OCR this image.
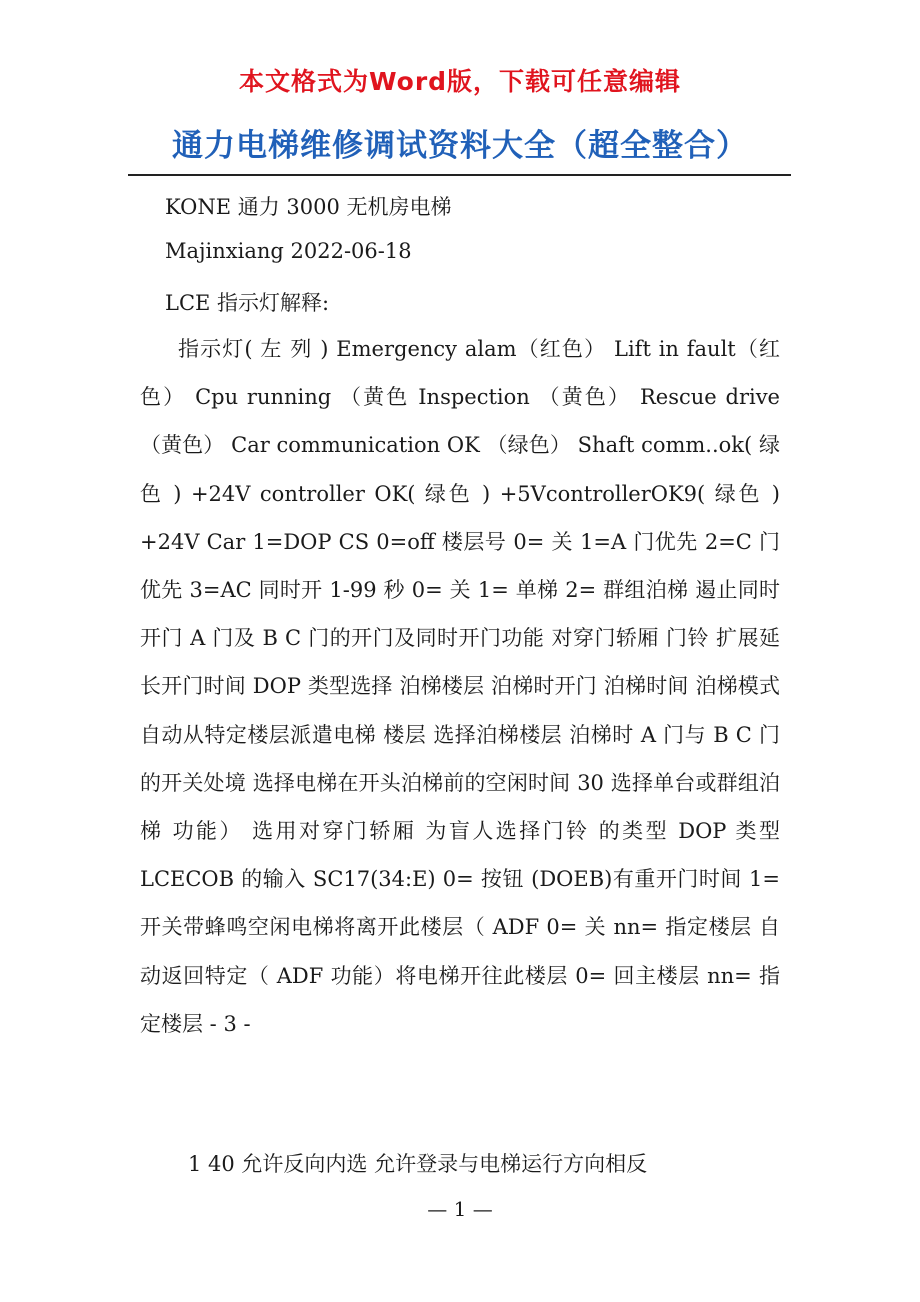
本文格式为Word版，下载可任意编辑
通力电梯维修调试资料大全（超全整合）
KONE 通力 3000 无机房电梯
Majinxiang 2022-06-18
LCE 指示灯解释:

指示灯( 左 列 ) Emergency alam（红色） Lift in fault（红色） Cpu running （黄色 Inspection （黄色） Rescue drive （黄色） Car communication OK （绿色） Shaft comm..ok( 绿色 ) +24V controller OK( 绿色 ) +5VcontrollerOK9( 绿色 ) +24V Car 1=DOP CS 0=off 楼层号 0= 关 1=A 门优先 2=C 门优先 3=AC 同时开 1-99 秒 0= 关 1= 单梯 2= 群组泊梯 遏止同时开门 A 门及 B C 门的开门及同时开门功能 对穿门轿厢 门铃 扩展延长开门时间 DOP 类型选择 泊梯楼层 泊梯时开门 泊梯时间 泊梯模式 自动从特定楼层派遣电梯 楼层 选择泊梯楼层 泊梯时 A 门与 B C 门的开关处境 选择电梯在开头泊梯前的空闲时间 30 选择单台或群组泊梯 功能） 选用对穿门轿厢 为盲人选择门铃 的类型 DOP 类型 LCECOB 的输入 SC17(34:E) 0= 按钮 (DOEB)有重开门时间 1= 开关带蜂鸣空闲电梯将离开此楼层（ ADF 0= 关 nn= 指定楼层 自动返回特定（ ADF 功能）将电梯开往此楼层 0= 回主楼层 nn= 指定楼层 - 3 -

1 40 允许反向内选 允许登录与电梯运行方向相反
— 1 —
